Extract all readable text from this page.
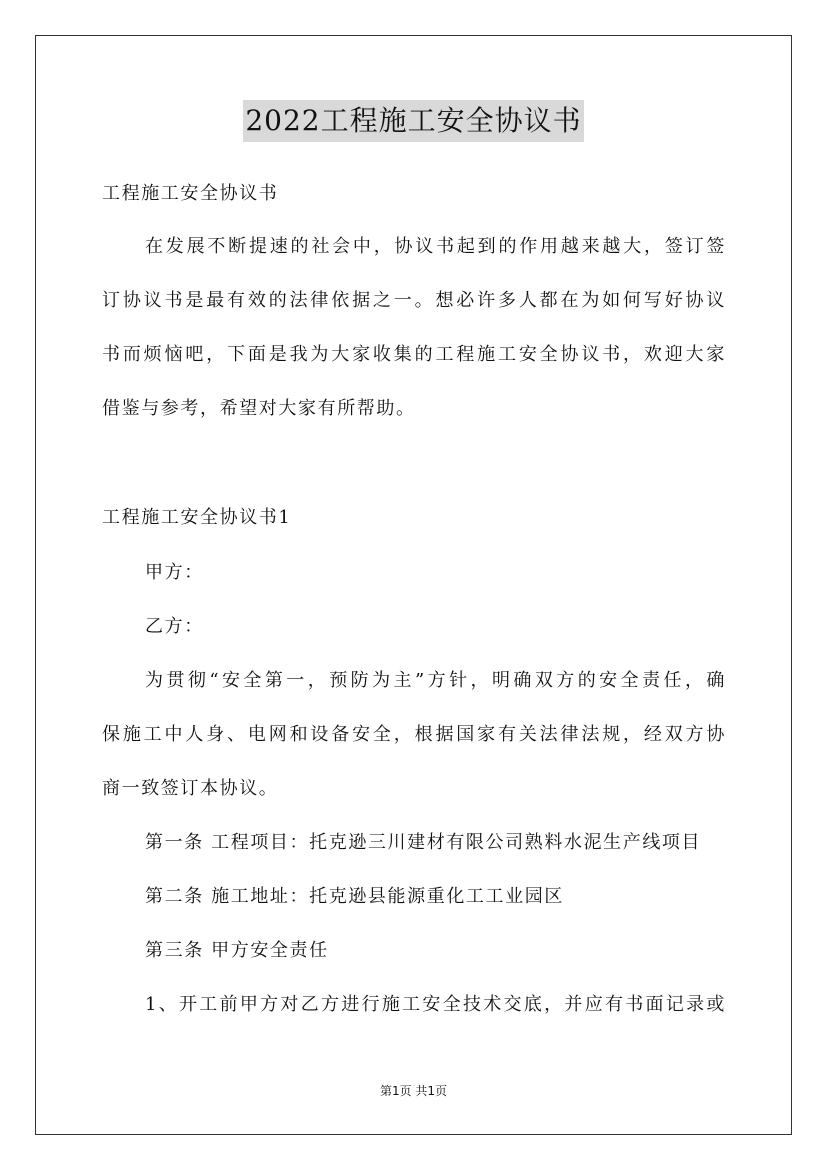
2022工程施工安全协议书
工程施工安全协议书
在发展不断提速的社会中，协议书起到的作用越来越大，签订签
订协议书是最有效的法律依据之一。想必许多人都在为如何写好协议
书而烦恼吧，下面是我为大家收集的工程施工安全协议书，欢迎大家
借鉴与参考，希望对大家有所帮助。
工程施工安全协议书1
甲方：
乙方：
为贯彻“安全第一，预防为主”方针，明确双方的安全责任，确
保施工中人身、电网和设备安全，根据国家有关法律法规，经双方协
商一致签订本协议。
第一条 工程项目：托克逊三川建材有限公司熟料水泥生产线项目
第二条 施工地址：托克逊县能源重化工工业园区
第三条 甲方安全责任
1、开工前甲方对乙方进行施工安全技术交底，并应有书面记录或
第1页 共1页
